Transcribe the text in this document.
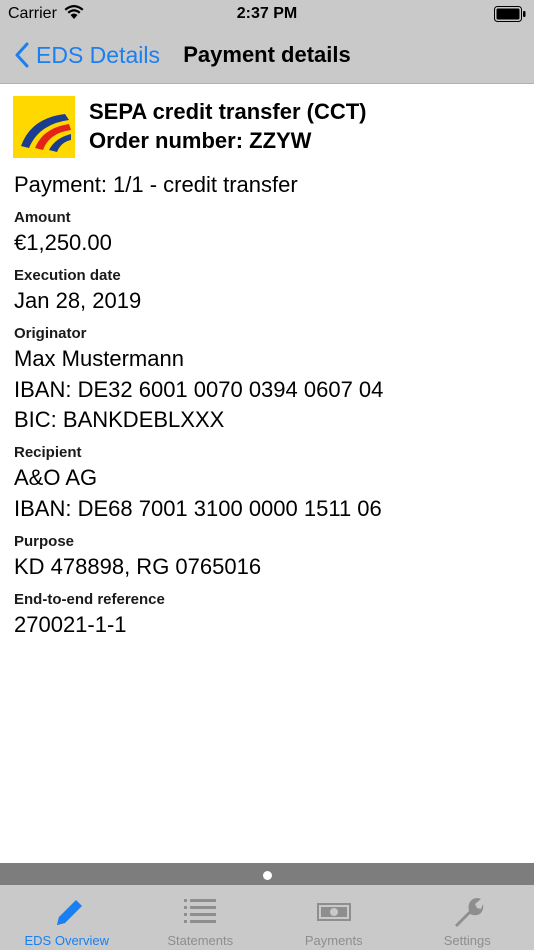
Carrier	2:37 PM
EDS Details	Payment details
SEPA credit transfer (CCT)
Order number: ZZYW
Payment: 1/1 - credit transfer
Amount
€1,250.00
Execution date
Jan 28, 2019
Originator
Max Mustermann
IBAN: DE32 6001 0070 0394 0607 04
BIC: BANKDEBLXXX
Recipient
A&O AG
IBAN: DE68 7001 3100 0000 1511 06
Purpose
KD 478898, RG 0765016
End-to-end reference
270021-1-1
EDS Overview	Statements	Payments	Settings
